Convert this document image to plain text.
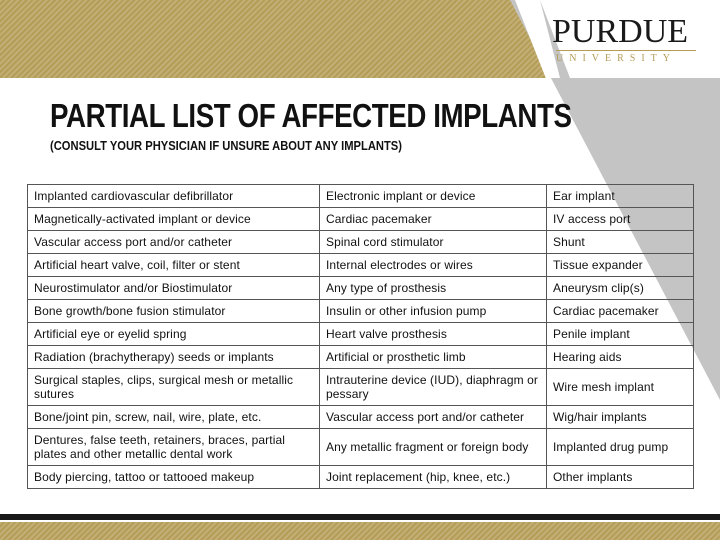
PURDUE
UNIVERSITY
PARTIAL LIST OF AFFECTED IMPLANTS

(CONSULT YOUR PHYSICIAN IF UNSURE ABOUT ANY IMPLANTS)

Implanted cardiovascular defibrillator	Electronic implant or device	Ear implant
Magnetically-activated implant or device	Cardiac pacemaker	IV access port
Vascular access port and/or catheter	Spinal cord stimulator	Shunt
Artificial heart valve, coil, filter or stent	Internal electrodes or wires	Tissue expander
Neurostimulator and/or Biostimulator	Any type of prosthesis	Aneurysm clip(s)
Bone growth/bone fusion stimulator	Insulin or other infusion pump	Cardiac pacemaker
Artificial eye or eyelid spring	Heart valve prosthesis	Penile implant
Radiation (brachytherapy) seeds or implants	Artificial or prosthetic limb	Hearing aids
Surgical staples, clips, surgical mesh or metallic sutures	Intrauterine device (IUD), diaphragm or pessary	Wire mesh implant
Bone/joint pin, screw, nail, wire, plate, etc.	Vascular access port and/or catheter	Wig/hair implants
Dentures, false teeth, retainers, braces, partial plates and other metallic dental work	Any metallic fragment or foreign body	Implanted drug pump
Body piercing, tattoo or tattooed makeup	Joint replacement (hip, knee, etc.)	Other implants
